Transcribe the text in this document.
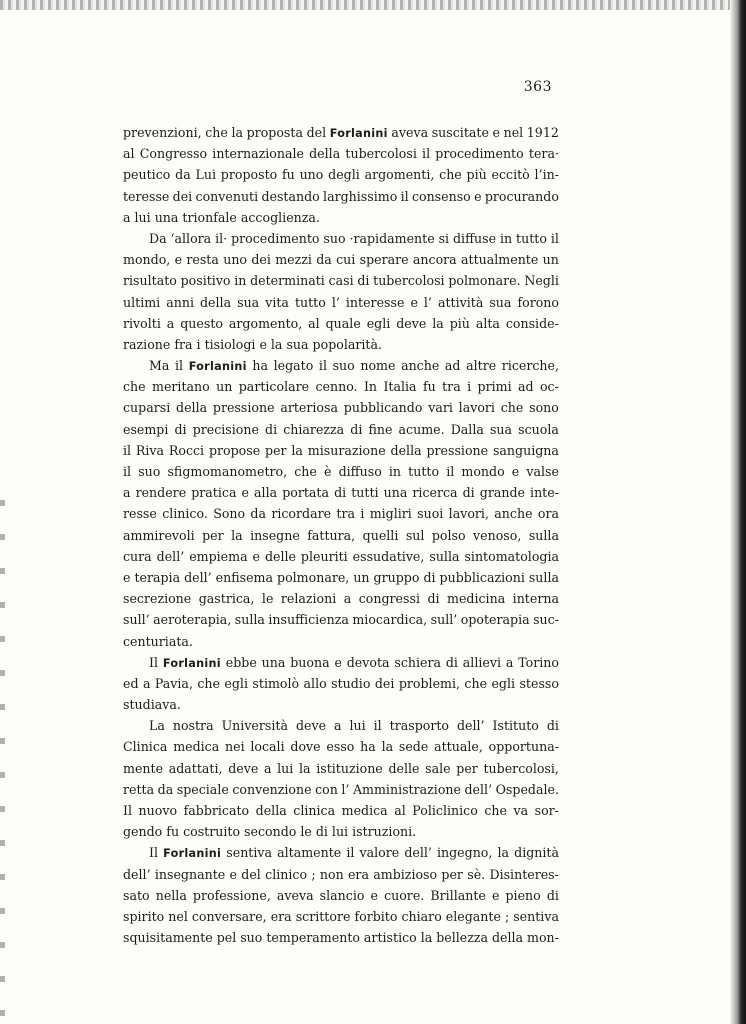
363
prevenzioni, che la proposta del Forlanini aveva suscitate e nel 1912
al Congresso internazionale della tubercolosi il procedimento tera·
peutico da Lui proposto fu uno degli argomenti, che più eccitò l’in-
teresse dei convenuti destando larghissimo il consenso e procurando
a lui una trionfale accoglienza.
Da ‘allora il· procedimento suo ·rapidamente si diffuse in tutto il
mondo, e resta uno dei mezzi da cui sperare ancora attualmente un
risultato positivo in determinati casi di tubercolosi polmonare. Negli
ultimi anni della sua vita tutto l’ interesse e l’ attività sua forono
rivolti a questo argomento, al quale egli deve la più alta conside-
razione fra i tisiologi e la sua popolarità.
Ma il Forlanini ha legato il suo nome anche ad altre ricerche,
che meritano un particolare cenno. In Italia fu tra i primi ad oc-
cuparsi della pressione arteriosa pubblicando vari lavori che sono
esempi di precisione di chiarezza di fine acume. Dalla sua scuola
il Riva Rocci propose per la misurazione della pressione sanguigna
il suo sfigmomanometro, che è diffuso in tutto il mondo e valse
a rendere pratica e alla portata di tutti una ricerca di grande inte-
resse clinico. Sono da ricordare tra i migliri suoi lavori, anche ora
ammirevoli per la insegne fattura, quelli sul polso venoso, sulla
cura dell’ empiema e delle pleuriti essudative, sulla sintomatologia
e terapia dell’ enfisema polmonare, un gruppo di pubblicazioni sulla
secrezione gastrica, le relazioni a congressi di medicina interna
sull’ aeroterapia, sulla insufficienza miocardica, sull’ opoterapia suc-
centuriata.
Il Forlanini ebbe una buona e devota schiera di allievi a Torino
ed a Pavia, che egli stimolò allo studio dei problemi, che egli stesso
studiava.
La nostra Università deve a lui il trasporto dell’ Istituto di
Clinica medica nei locali dove esso ha la sede attuale, opportuna-
mente adattati, deve a lui la istituzione delle sale per tubercolosi,
retta da speciale convenzione con l’ Amministrazione dell’ Ospedale.
Il nuovo fabbricato della clinica medica al Policlinico che va sor-
gendo fu costruito secondo le di lui istruzioni.
Il Forlanini sentiva altamente il valore dell’ ingegno, la dignità
dell’ insegnante e del clinico ; non era ambizioso per sè. Disinteres-
sato nella professione, aveva slancio e cuore. Brillante e pieno di
spirito nel conversare, era scrittore forbito chiaro elegante ; sentiva
squisitamente pel suo temperamento artistico la bellezza della mon-
